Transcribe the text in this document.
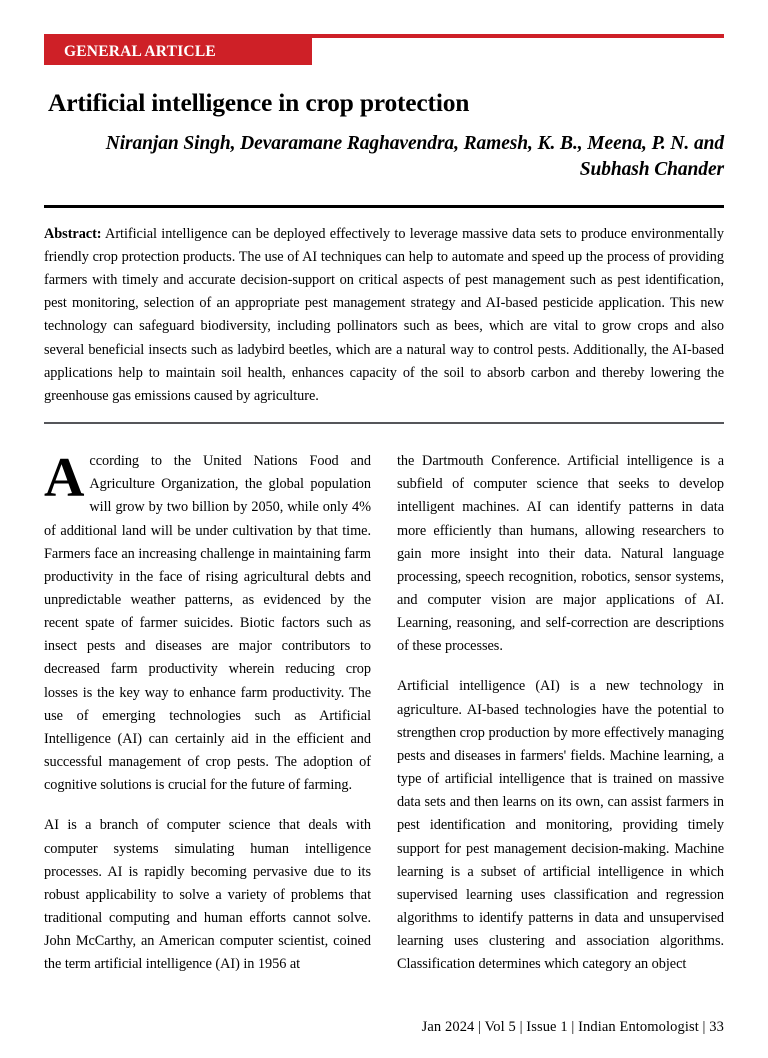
GENERAL ARTICLE
Artificial intelligence in crop protection
Niranjan Singh, Devaramane Raghavendra, Ramesh, K. B., Meena, P. N. and Subhash Chander
Abstract: Artificial intelligence can be deployed effectively to leverage massive data sets to produce environmentally friendly crop protection products. The use of AI techniques can help to automate and speed up the process of providing farmers with timely and accurate decision-support on critical aspects of pest management such as pest identification, pest monitoring, selection of an appropriate pest management strategy and AI-based pesticide application. This new technology can safeguard biodiversity, including pollinators such as bees, which are vital to grow crops and also several beneficial insects such as ladybird beetles, which are a natural way to control pests. Additionally, the AI-based applications help to maintain soil health, enhances capacity of the soil to absorb carbon and thereby lowering the greenhouse gas emissions caused by agriculture.

According to the United Nations Food and Agriculture Organization, the global population will grow by two billion by 2050, while only 4% of additional land will be under cultivation by that time. Farmers face an increasing challenge in maintaining farm productivity in the face of rising agricultural debts and unpredictable weather patterns, as evidenced by the recent spate of farmer suicides. Biotic factors such as insect pests and diseases are major contributors to decreased farm productivity wherein reducing crop losses is the key way to enhance farm productivity. The use of emerging technologies such as Artificial Intelligence (AI) can certainly aid in the efficient and successful management of crop pests. The adoption of cognitive solutions is crucial for the future of farming.

AI is a branch of computer science that deals with computer systems simulating human intelligence processes. AI is rapidly becoming pervasive due to its robust applicability to solve a variety of problems that traditional computing and human efforts cannot solve. John McCarthy, an American computer scientist, coined the term artificial intelligence (AI) in 1956 at

the Dartmouth Conference. Artificial intelligence is a subfield of computer science that seeks to develop intelligent machines. AI can identify patterns in data more efficiently than humans, allowing researchers to gain more insight into their data. Natural language processing, speech recognition, robotics, sensor systems, and computer vision are major applications of AI. Learning, reasoning, and self-correction are descriptions of these processes.

Artificial intelligence (AI) is a new technology in agriculture. AI-based technologies have the potential to strengthen crop production by more effectively managing pests and diseases in farmers' fields. Machine learning, a type of artificial intelligence that is trained on massive data sets and then learns on its own, can assist farmers in pest identification and monitoring, providing timely support for pest management decision-making. Machine learning is a subset of artificial intelligence in which supervised learning uses classification and regression algorithms to identify patterns in data and unsupervised learning uses clustering and association algorithms. Classification determines which category an object

Jan 2024 | Vol 5 | Issue 1 | Indian Entomologist | 33
